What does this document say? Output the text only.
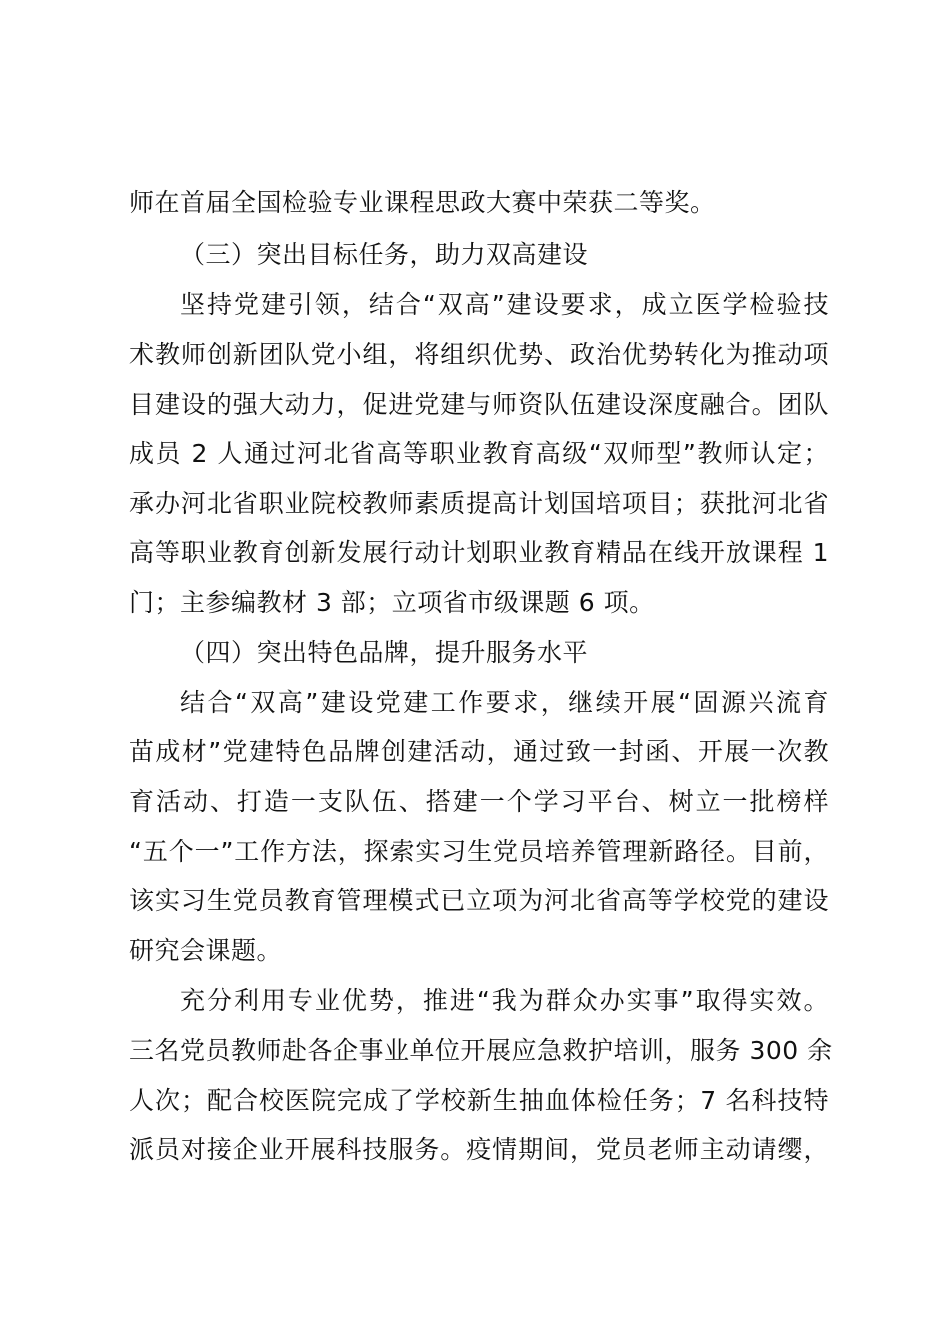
师在首届全国检验专业课程思政大赛中荣获二等奖。
（三）突出目标任务，助力双高建设
坚持党建引领，结合“双高”建设要求，成立医学检验技
术教师创新团队党小组，将组织优势、政治优势转化为推动项
目建设的强大动力，促进党建与师资队伍建设深度融合。团队
成员 2 人通过河北省高等职业教育高级“双师型”教师认定；
承办河北省职业院校教师素质提高计划国培项目；获批河北省
高等职业教育创新发展行动计划职业教育精品在线开放课程 1
门；主参编教材 3 部；立项省市级课题 6 项。
（四）突出特色品牌，提升服务水平
结合“双高”建设党建工作要求，继续开展“固源兴流育
苗成材”党建特色品牌创建活动，通过致一封函、开展一次教
育活动、打造一支队伍、搭建一个学习平台、树立一批榜样
“五个一”工作方法，探索实习生党员培养管理新路径。目前，
该实习生党员教育管理模式已立项为河北省高等学校党的建设
研究会课题。
充分利用专业优势，推进“我为群众办实事”取得实效。
三名党员教师赴各企事业单位开展应急救护培训，服务 300 余
人次；配合校医院完成了学校新生抽血体检任务；7 名科技特
派员对接企业开展科技服务。疫情期间，党员老师主动请缨，
